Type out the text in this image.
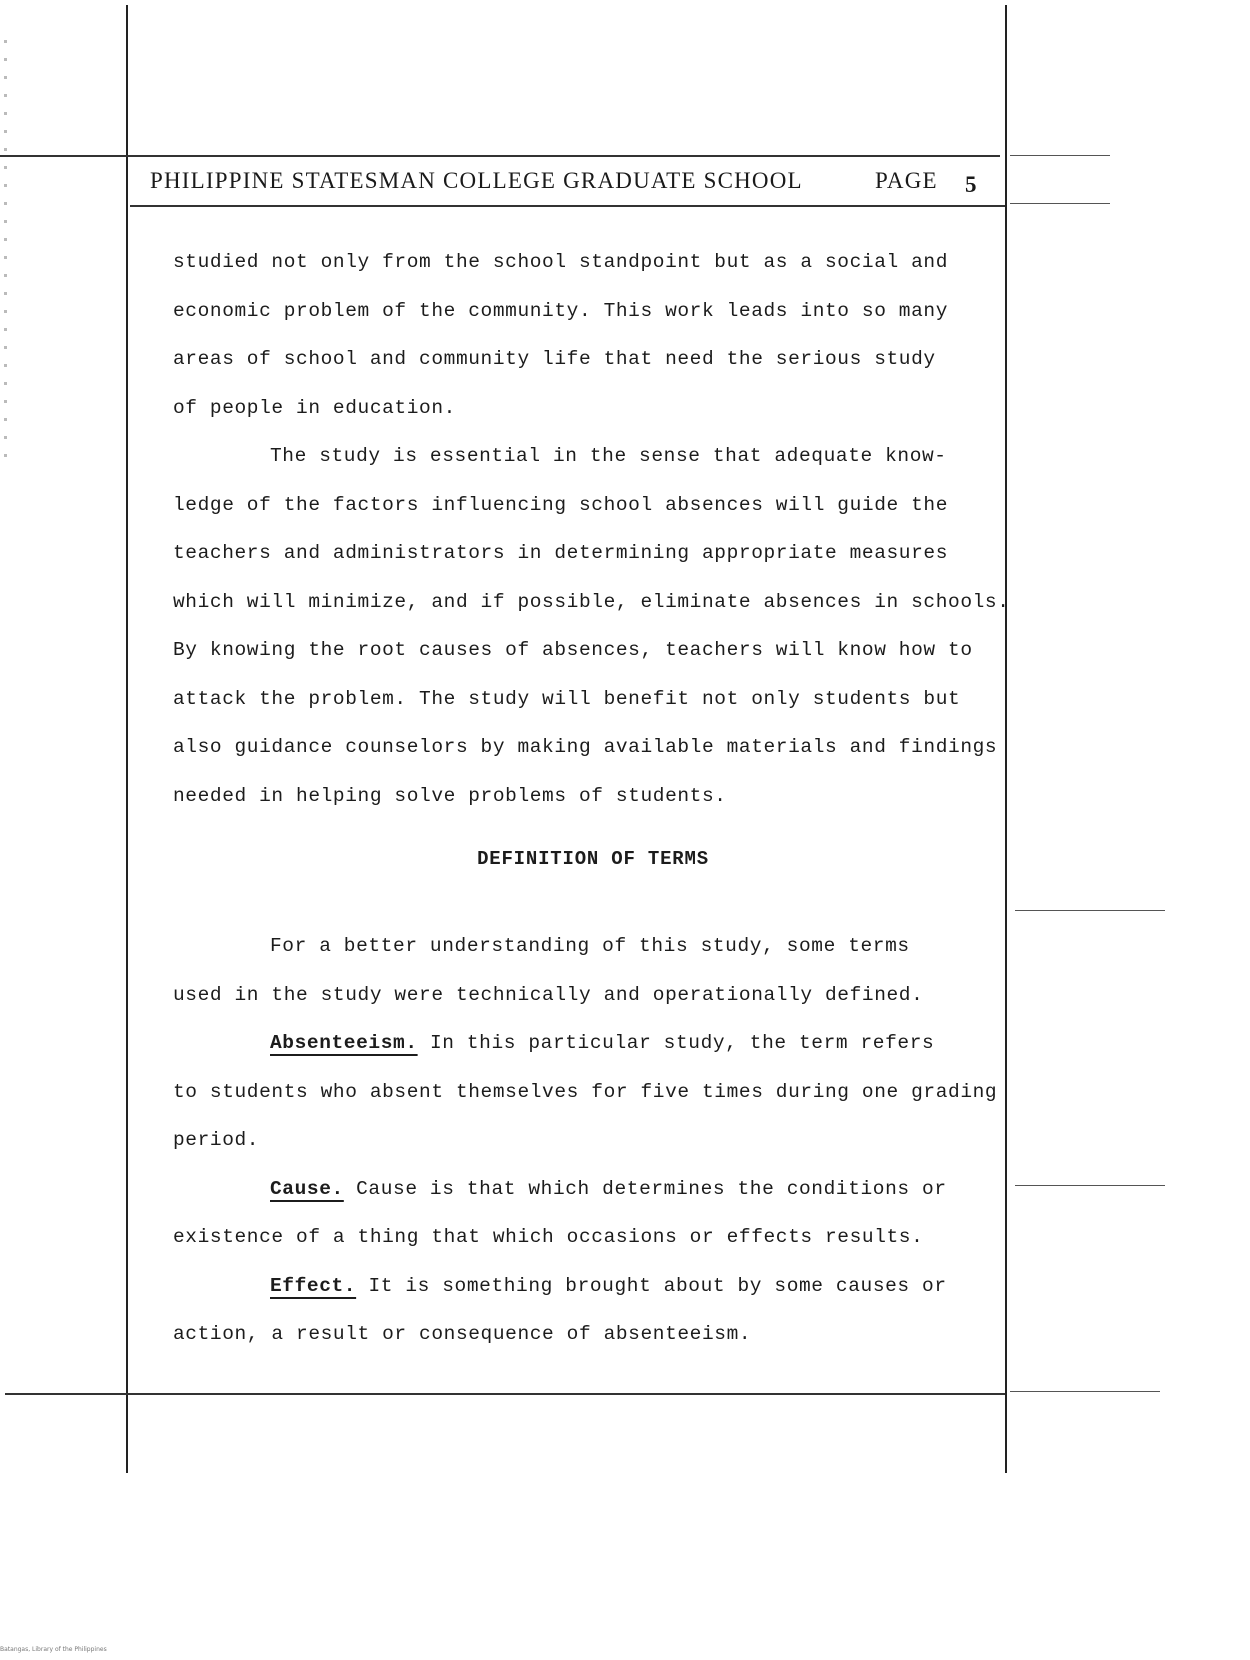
PHILIPPINE STATESMAN COLLEGE GRADUATE SCHOOL	PAGE 5
studied not only from the school standpoint but as a social and
economic problem of the community. This work leads into so many
areas of school and community life that need the serious study
of people in education.
The study is essential in the sense that adequate know-
ledge of the factors influencing school absences will guide the
teachers and administrators in determining appropriate measures
which will minimize, and if possible, eliminate absences in schools.
By knowing the root causes of absences, teachers will know how to
attack the problem. The study will benefit not only students but
also guidance counselors by making available materials and findings
needed in helping solve problems of students.
DEFINITION OF TERMS
For a better understanding of this study, some terms
used in the study were technically and operationally defined.
Absenteeism. In this particular study, the term refers
to students who absent themselves for five times during one grading
period.
Cause. Cause is that which determines the conditions or
existence of a thing that which occasions or effects results.
Effect. It is something brought about by some causes or
action, a result or consequence of absenteeism.
Batangas, Library of the Philippines
